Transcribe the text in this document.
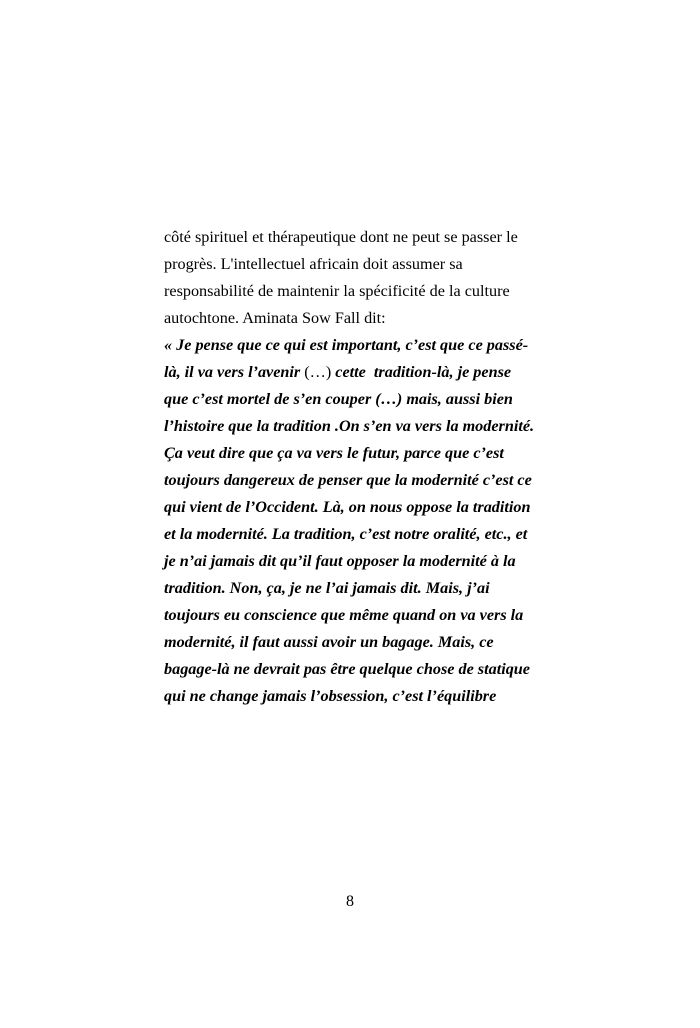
côté spirituel et thérapeutique dont ne peut se passer le
progrès. L'intellectuel africain doit assumer sa
responsabilité de maintenir la spécificité de la culture
autochtone. Aminata Sow Fall dit:
« Je pense que ce qui est important, c’est que ce passé-
là, il va vers l’avenir (…) cette  tradition-là, je pense
que c’est mortel de s’en couper (…) mais, aussi bien
l’histoire que la tradition .On s’en va vers la modernité.
Ça veut dire que ça va vers le futur, parce que c’est
toujours dangereux de penser que la modernité c’est ce
qui vient de l’Occident. Là, on nous oppose la tradition
et la modernité. La tradition, c’est notre oralité, etc., et
je n’ai jamais dit qu’il faut opposer la modernité à la
tradition. Non, ça, je ne l’ai jamais dit. Mais, j’ai
toujours eu conscience que même quand on va vers la
modernité, il faut aussi avoir un bagage. Mais, ce
bagage-là ne devrait pas être quelque chose de statique
qui ne change jamais l’obsession, c’est l’équilibre
8
